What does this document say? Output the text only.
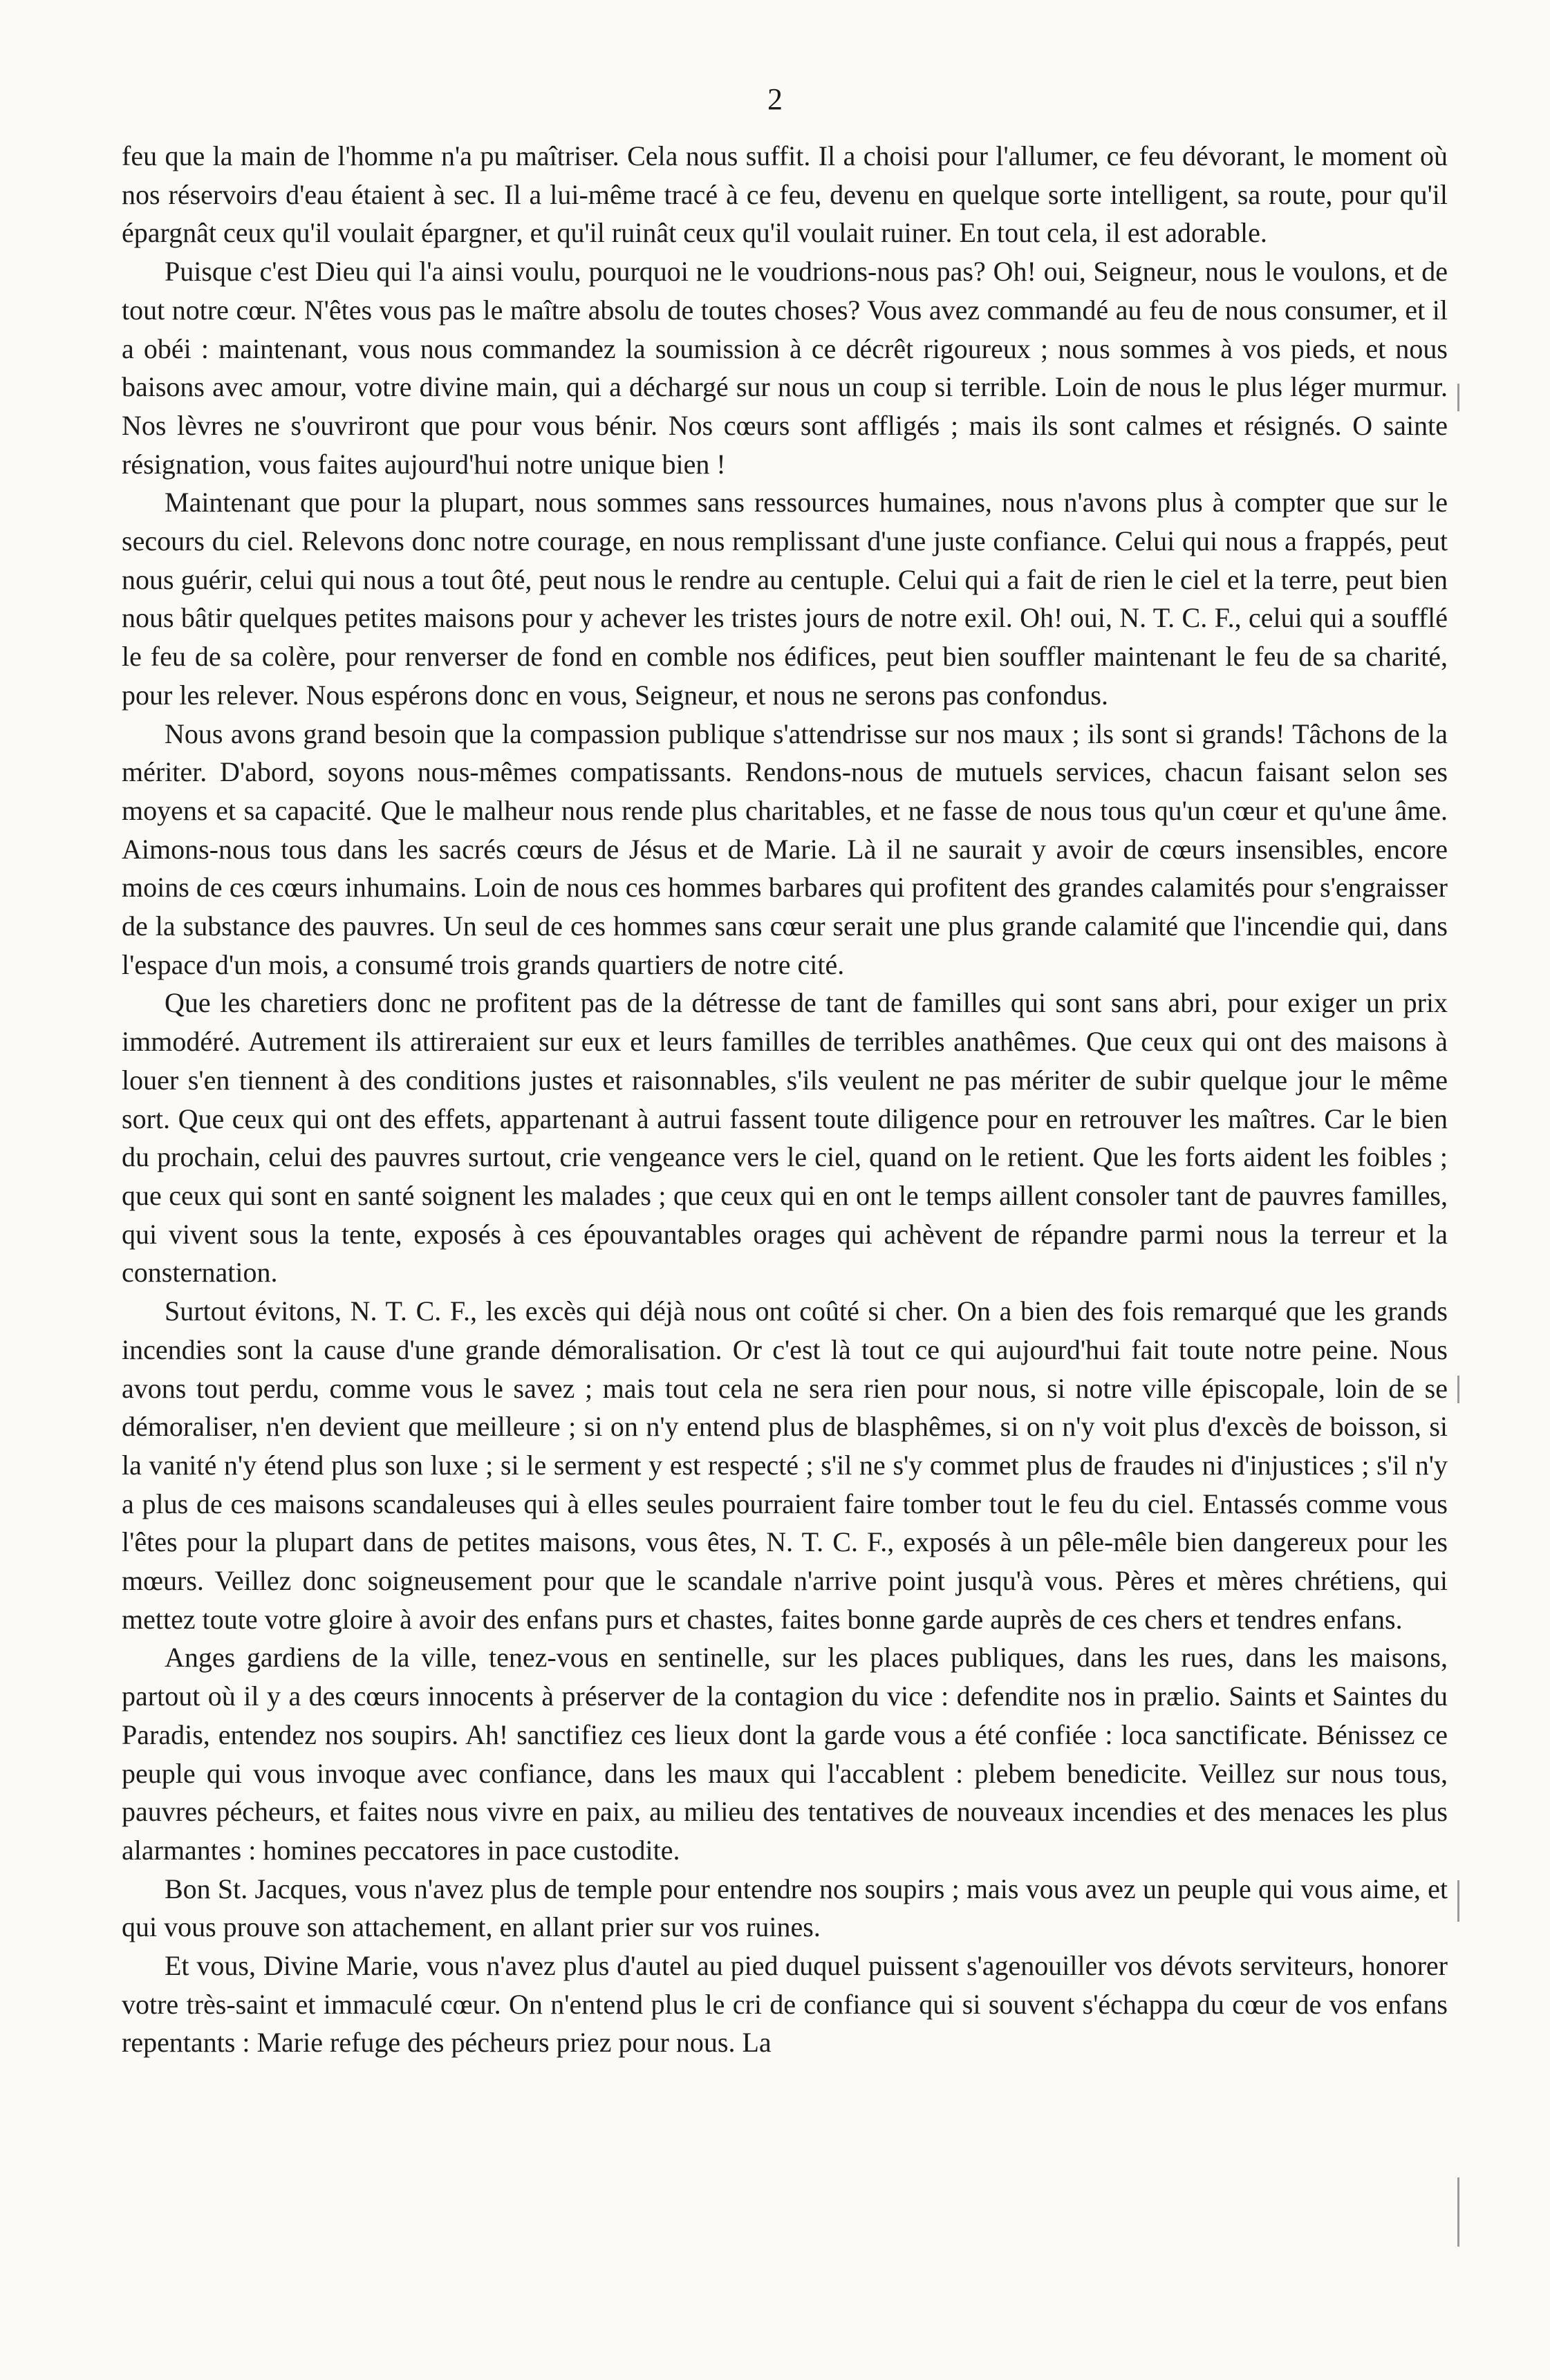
2

feu que la main de l'homme n'a pu maîtriser. Cela nous suffit. Il a choisi pour l'allumer, ce feu dévorant, le moment où nos réservoirs d'eau étaient à sec. Il a lui-même tracé à ce feu, devenu en quelque sorte intelligent, sa route, pour qu'il épargnât ceux qu'il voulait épargner, et qu'il ruinât ceux qu'il voulait ruiner. En tout cela, il est adorable.

Puisque c'est Dieu qui l'a ainsi voulu, pourquoi ne le voudrions-nous pas? Oh! oui, Seigneur, nous le voulons, et de tout notre cœur. N'êtes vous pas le maître absolu de toutes choses? Vous avez commandé au feu de nous consumer, et il a obéi : maintenant, vous nous commandez la soumission à ce décrêt rigoureux ; nous sommes à vos pieds, et nous baisons avec amour, votre divine main, qui a déchargé sur nous un coup si terrible. Loin de nous le plus léger murmur. Nos lèvres ne s'ouvriront que pour vous bénir. Nos cœurs sont affligés ; mais ils sont calmes et résignés. O sainte résignation, vous faites aujourd'hui notre unique bien !

Maintenant que pour la plupart, nous sommes sans ressources humaines, nous n'avons plus à compter que sur le secours du ciel. Relevons donc notre courage, en nous remplissant d'une juste confiance. Celui qui nous a frappés, peut nous guérir, celui qui nous a tout ôté, peut nous le rendre au centuple. Celui qui a fait de rien le ciel et la terre, peut bien nous bâtir quelques petites maisons pour y achever les tristes jours de notre exil. Oh! oui, N. T. C. F., celui qui a soufflé le feu de sa colère, pour renverser de fond en comble nos édifices, peut bien souffler maintenant le feu de sa charité, pour les relever. Nous espérons donc en vous, Seigneur, et nous ne serons pas confondus.

Nous avons grand besoin que la compassion publique s'attendrisse sur nos maux ; ils sont si grands! Tâchons de la mériter. D'abord, soyons nous-mêmes compatissants. Rendons-nous de mutuels services, chacun faisant selon ses moyens et sa capacité. Que le malheur nous rende plus charitables, et ne fasse de nous tous qu'un cœur et qu'une âme. Aimons-nous tous dans les sacrés cœurs de Jésus et de Marie. Là il ne saurait y avoir de cœurs insensibles, encore moins de ces cœurs inhumains. Loin de nous ces hommes barbares qui profitent des grandes calamités pour s'engraisser de la substance des pauvres. Un seul de ces hommes sans cœur serait une plus grande calamité que l'incendie qui, dans l'espace d'un mois, a consumé trois grands quartiers de notre cité.

Que les charetiers donc ne profitent pas de la détresse de tant de familles qui sont sans abri, pour exiger un prix immodéré. Autrement ils attireraient sur eux et leurs familles de terribles anathêmes. Que ceux qui ont des maisons à louer s'en tiennent à des conditions justes et raisonnables, s'ils veulent ne pas mériter de subir quelque jour le même sort. Que ceux qui ont des effets, appartenant à autrui fassent toute diligence pour en retrouver les maîtres. Car le bien du prochain, celui des pauvres surtout, crie vengeance vers le ciel, quand on le retient. Que les forts aident les foibles ; que ceux qui sont en santé soignent les malades ; que ceux qui en ont le temps aillent consoler tant de pauvres familles, qui vivent sous la tente, exposés à ces épouvantables orages qui achèvent de répandre parmi nous la terreur et la consternation.

Surtout évitons, N. T. C. F., les excès qui déjà nous ont coûté si cher. On a bien des fois remarqué que les grands incendies sont la cause d'une grande démoralisation. Or c'est là tout ce qui aujourd'hui fait toute notre peine. Nous avons tout perdu, comme vous le savez ; mais tout cela ne sera rien pour nous, si notre ville épiscopale, loin de se démoraliser, n'en devient que meilleure ; si on n'y entend plus de blasphêmes, si on n'y voit plus d'excès de boisson, si la vanité n'y étend plus son luxe ; si le serment y est respecté ; s'il ne s'y commet plus de fraudes ni d'injustices ; s'il n'y a plus de ces maisons scandaleuses qui à elles seules pourraient faire tomber tout le feu du ciel. Entassés comme vous l'êtes pour la plupart dans de petites maisons, vous êtes, N. T. C. F., exposés à un pêle-mêle bien dangereux pour les mœurs. Veillez donc soigneusement pour que le scandale n'arrive point jusqu'à vous. Pères et mères chrétiens, qui mettez toute votre gloire à avoir des enfans purs et chastes, faites bonne garde auprès de ces chers et tendres enfans.

Anges gardiens de la ville, tenez-vous en sentinelle, sur les places publiques, dans les rues, dans les maisons, partout où il y a des cœurs innocents à préserver de la contagion du vice : defendite nos in prælio. Saints et Saintes du Paradis, entendez nos soupirs. Ah! sanctifiez ces lieux dont la garde vous a été confiée : loca sanctificate. Bénissez ce peuple qui vous invoque avec confiance, dans les maux qui l'accablent : plebem benedicite. Veillez sur nous tous, pauvres pécheurs, et faites nous vivre en paix, au milieu des tentatives de nouveaux incendies et des menaces les plus alarmantes : homines peccatores in pace custodite.

Bon St. Jacques, vous n'avez plus de temple pour entendre nos soupirs ; mais vous avez un peuple qui vous aime, et qui vous prouve son attachement, en allant prier sur vos ruines.

Et vous, Divine Marie, vous n'avez plus d'autel au pied duquel puissent s'agenouiller vos dévots serviteurs, honorer votre très-saint et immaculé cœur. On n'entend plus le cri de confiance qui si souvent s'échappa du cœur de vos enfans repentants : Marie refuge des pécheurs priez pour nous. La
